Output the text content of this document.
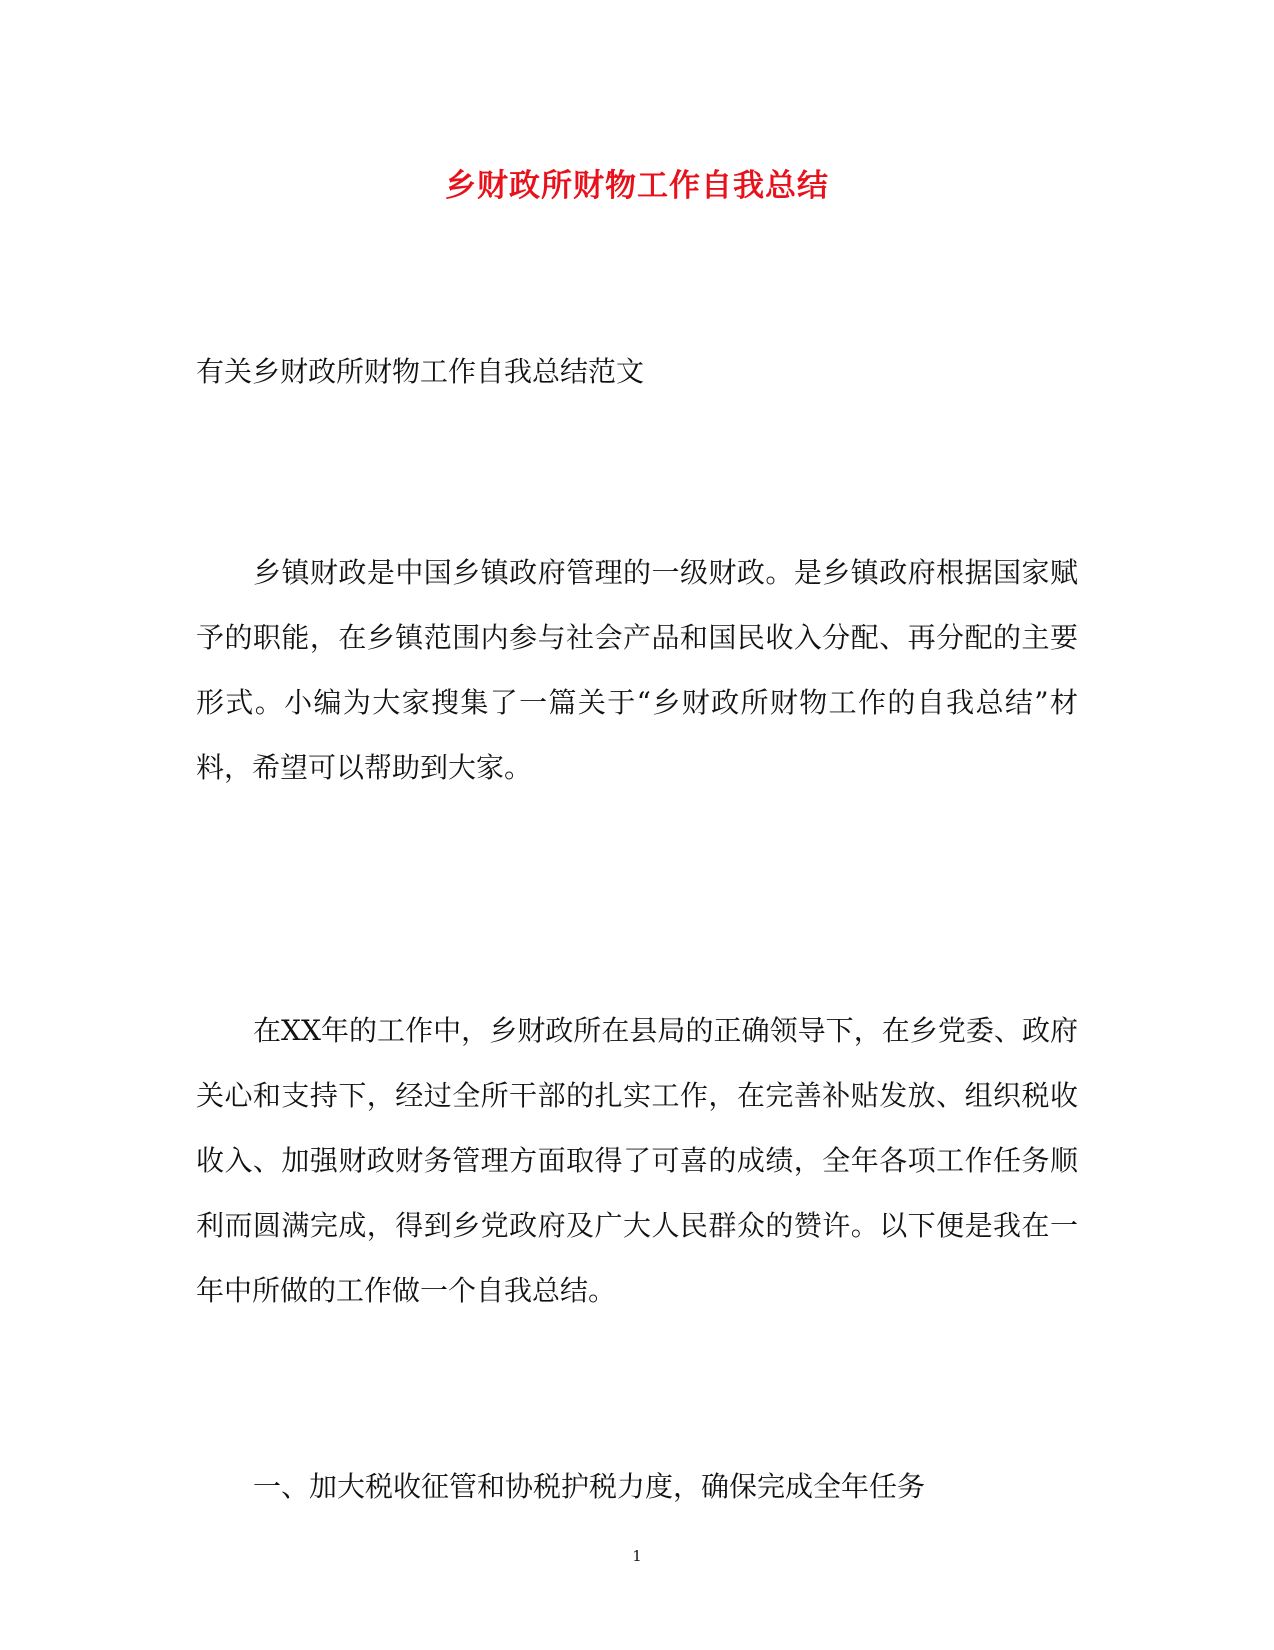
乡财政所财物工作自我总结
有关乡财政所财物工作自我总结范文

乡镇财政是中国乡镇政府管理的一级财政。是乡镇政府根据国家赋予的职能，在乡镇范围内参与社会产品和国民收入分配、再分配的主要形式。小编为大家搜集了一篇关于“乡财政所财物工作的自我总结”材料，希望可以帮助到大家。

在XX年的工作中，乡财政所在县局的正确领导下，在乡党委、政府关心和支持下，经过全所干部的扎实工作，在完善补贴发放、组织税收收入、加强财政财务管理方面取得了可喜的成绩，全年各项工作任务顺利而圆满完成，得到乡党政府及广大人民群众的赞许。以下便是我在一年中所做的工作做一个自我总结。

一、加大税收征管和协税护税力度，确保完成全年任务
1
